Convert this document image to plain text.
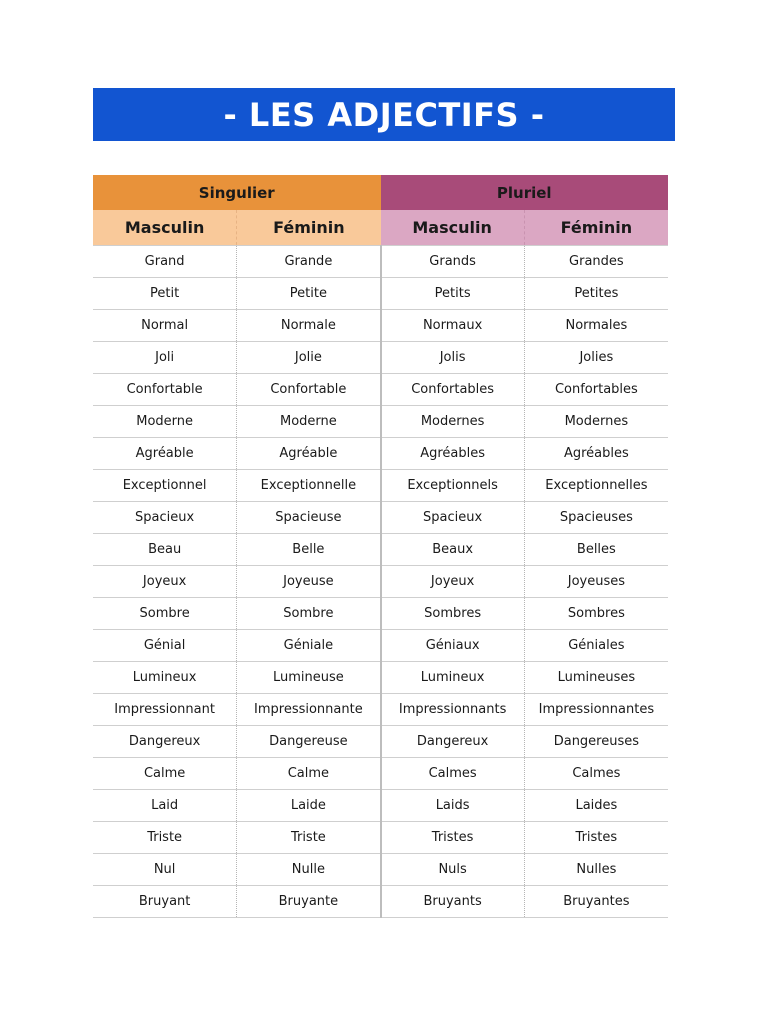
- LES ADJECTIFS -
Singulier		Pluriel	
Masculin	Féminin	Masculin	Féminin
Grand	Grande	Grands	Grandes
Petit	Petite	Petits	Petites
Normal	Normale	Normaux	Normales
Joli	Jolie	Jolis	Jolies
Confortable	Confortable	Confortables	Confortables
Moderne	Moderne	Modernes	Modernes
Agréable	Agréable	Agréables	Agréables
Exceptionnel	Exceptionnelle	Exceptionnels	Exceptionnelles
Spacieux	Spacieuse	Spacieux	Spacieuses
Beau	Belle	Beaux	Belles
Joyeux	Joyeuse	Joyeux	Joyeuses
Sombre	Sombre	Sombres	Sombres
Génial	Géniale	Géniaux	Géniales
Lumineux	Lumineuse	Lumineux	Lumineuses
Impressionnant	Impressionnante	Impressionnants	Impressionnantes
Dangereux	Dangereuse	Dangereux	Dangereuses
Calme	Calme	Calmes	Calmes
Laid	Laide	Laids	Laides
Triste	Triste	Tristes	Tristes
Nul	Nulle	Nuls	Nulles
Bruyant	Bruyante	Bruyants	Bruyantes
